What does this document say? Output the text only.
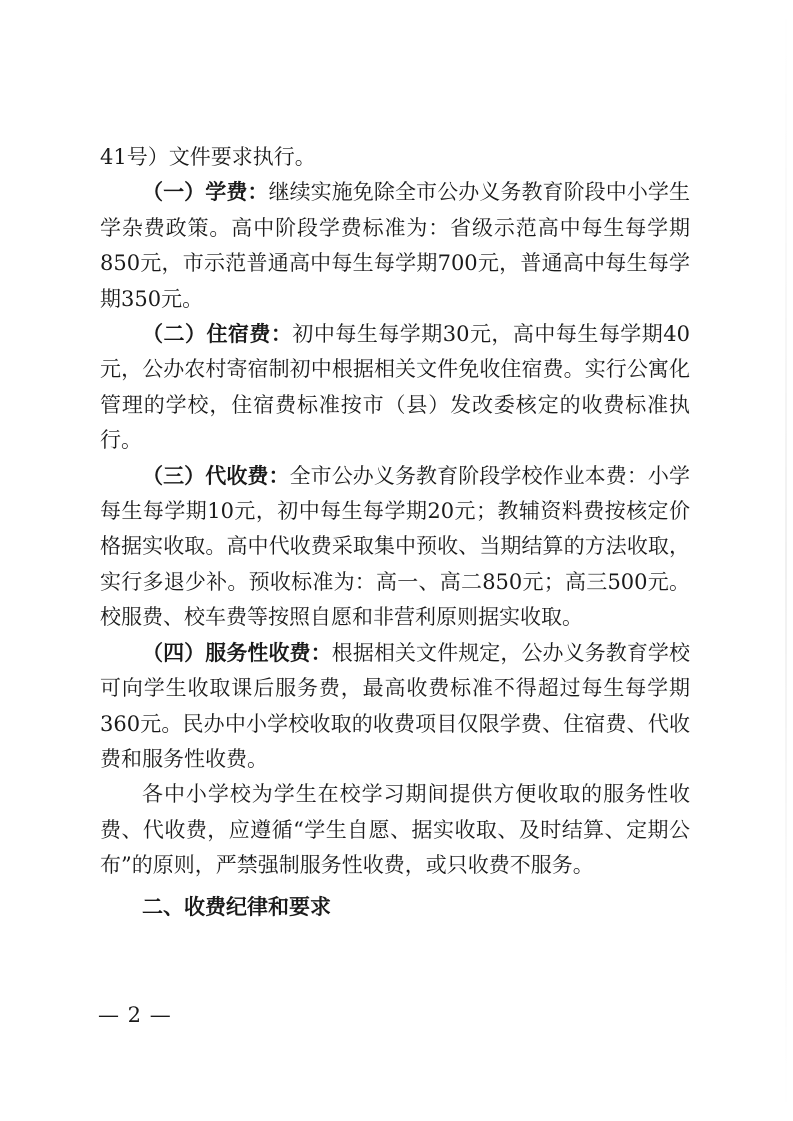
41号）文件要求执行。

（一）学费：继续实施免除全市公办义务教育阶段中小学生学杂费政策。高中阶段学费标准为：省级示范高中每生每学期850元，市示范普通高中每生每学期700元，普通高中每生每学期350元。

（二）住宿费：初中每生每学期30元，高中每生每学期40元，公办农村寄宿制初中根据相关文件免收住宿费。实行公寓化管理的学校，住宿费标准按市（县）发改委核定的收费标准执行。

（三）代收费：全市公办义务教育阶段学校作业本费：小学每生每学期10元，初中每生每学期20元；教辅资料费按核定价格据实收取。高中代收费采取集中预收、当期结算的方法收取，实行多退少补。预收标准为：高一、高二850元；高三500元。校服费、校车费等按照自愿和非营利原则据实收取。

（四）服务性收费：根据相关文件规定，公办义务教育学校可向学生收取课后服务费，最高收费标准不得超过每生每学期360元。民办中小学校收取的收费项目仅限学费、住宿费、代收费和服务性收费。

各中小学校为学生在校学习期间提供方便收取的服务性收费、代收费，应遵循“学生自愿、据实收取、及时结算、定期公布”的原则，严禁强制服务性收费，或只收费不服务。

二、收费纪律和要求

— 2 —
